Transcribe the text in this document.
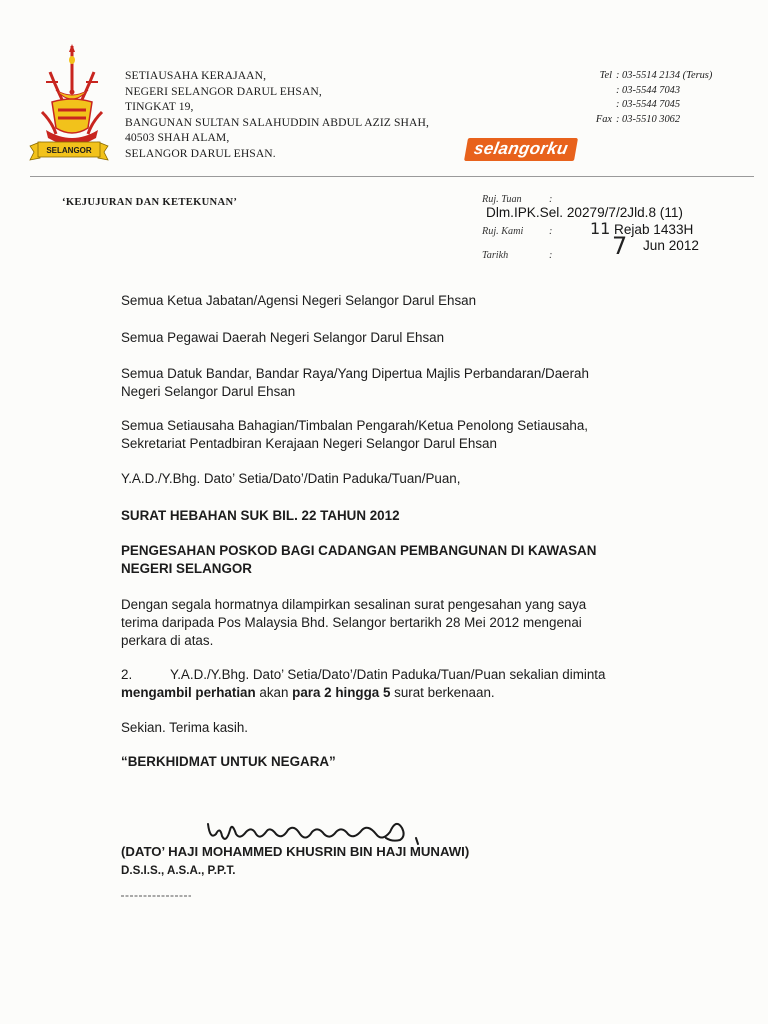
SELANGOR
SETIAUSAHA KERAJAAN,
NEGERI SELANGOR DARUL EHSAN,
TINGKAT 19,
BANGUNAN SULTAN SALAHUDDIN ABDUL AZIZ SHAH,
40503 SHAH ALAM,
SELANGOR DARUL EHSAN.
Tel : 03-5514 2134 (Terus)
: 03-5544 7043
: 03-5544 7045
Fax : 03-5510 3062
selangorku
‘KEJUJURAN DAN KETEKUNAN’	Ruj. Tuan	:
Dlm.IPK.Sel. 20279/7/2Jld.8 (11)
Ruj. Kami	: 11 Rejab 1433H
Tarikh	: 7 Jun 2012
Semua Ketua Jabatan/Agensi Negeri Selangor Darul Ehsan
Semua Pegawai Daerah Negeri Selangor Darul Ehsan
Semua Datuk Bandar, Bandar Raya/Yang Dipertua Majlis Perbandaran/Daerah
Negeri Selangor Darul Ehsan
Semua Setiausaha Bahagian/Timbalan Pengarah/Ketua Penolong Setiausaha,
Sekretariat Pentadbiran Kerajaan Negeri Selangor Darul Ehsan
Y.A.D./Y.Bhg. Dato’ Setia/Dato’/Datin Paduka/Tuan/Puan,
SURAT HEBAHAN SUK BIL. 22 TAHUN 2012
PENGESAHAN POSKOD BAGI CADANGAN PEMBANGUNAN DI KAWASAN
NEGERI SELANGOR
Dengan segala hormatnya dilampirkan sesalinan surat pengesahan yang saya
terima daripada Pos Malaysia Bhd. Selangor bertarikh 28 Mei 2012 mengenai
perkara di atas.
2.	Y.A.D./Y.Bhg. Dato’ Setia/Dato’/Datin Paduka/Tuan/Puan sekalian diminta
mengambil perhatian akan para 2 hingga 5 surat berkenaan.
Sekian. Terima kasih.
“BERKHIDMAT UNTUK NEGARA”
(DATO’ HAJI MOHAMMED KHUSRIN BIN HAJI MUNAWI)
D.S.I.S., A.S.A., P.P.T.
